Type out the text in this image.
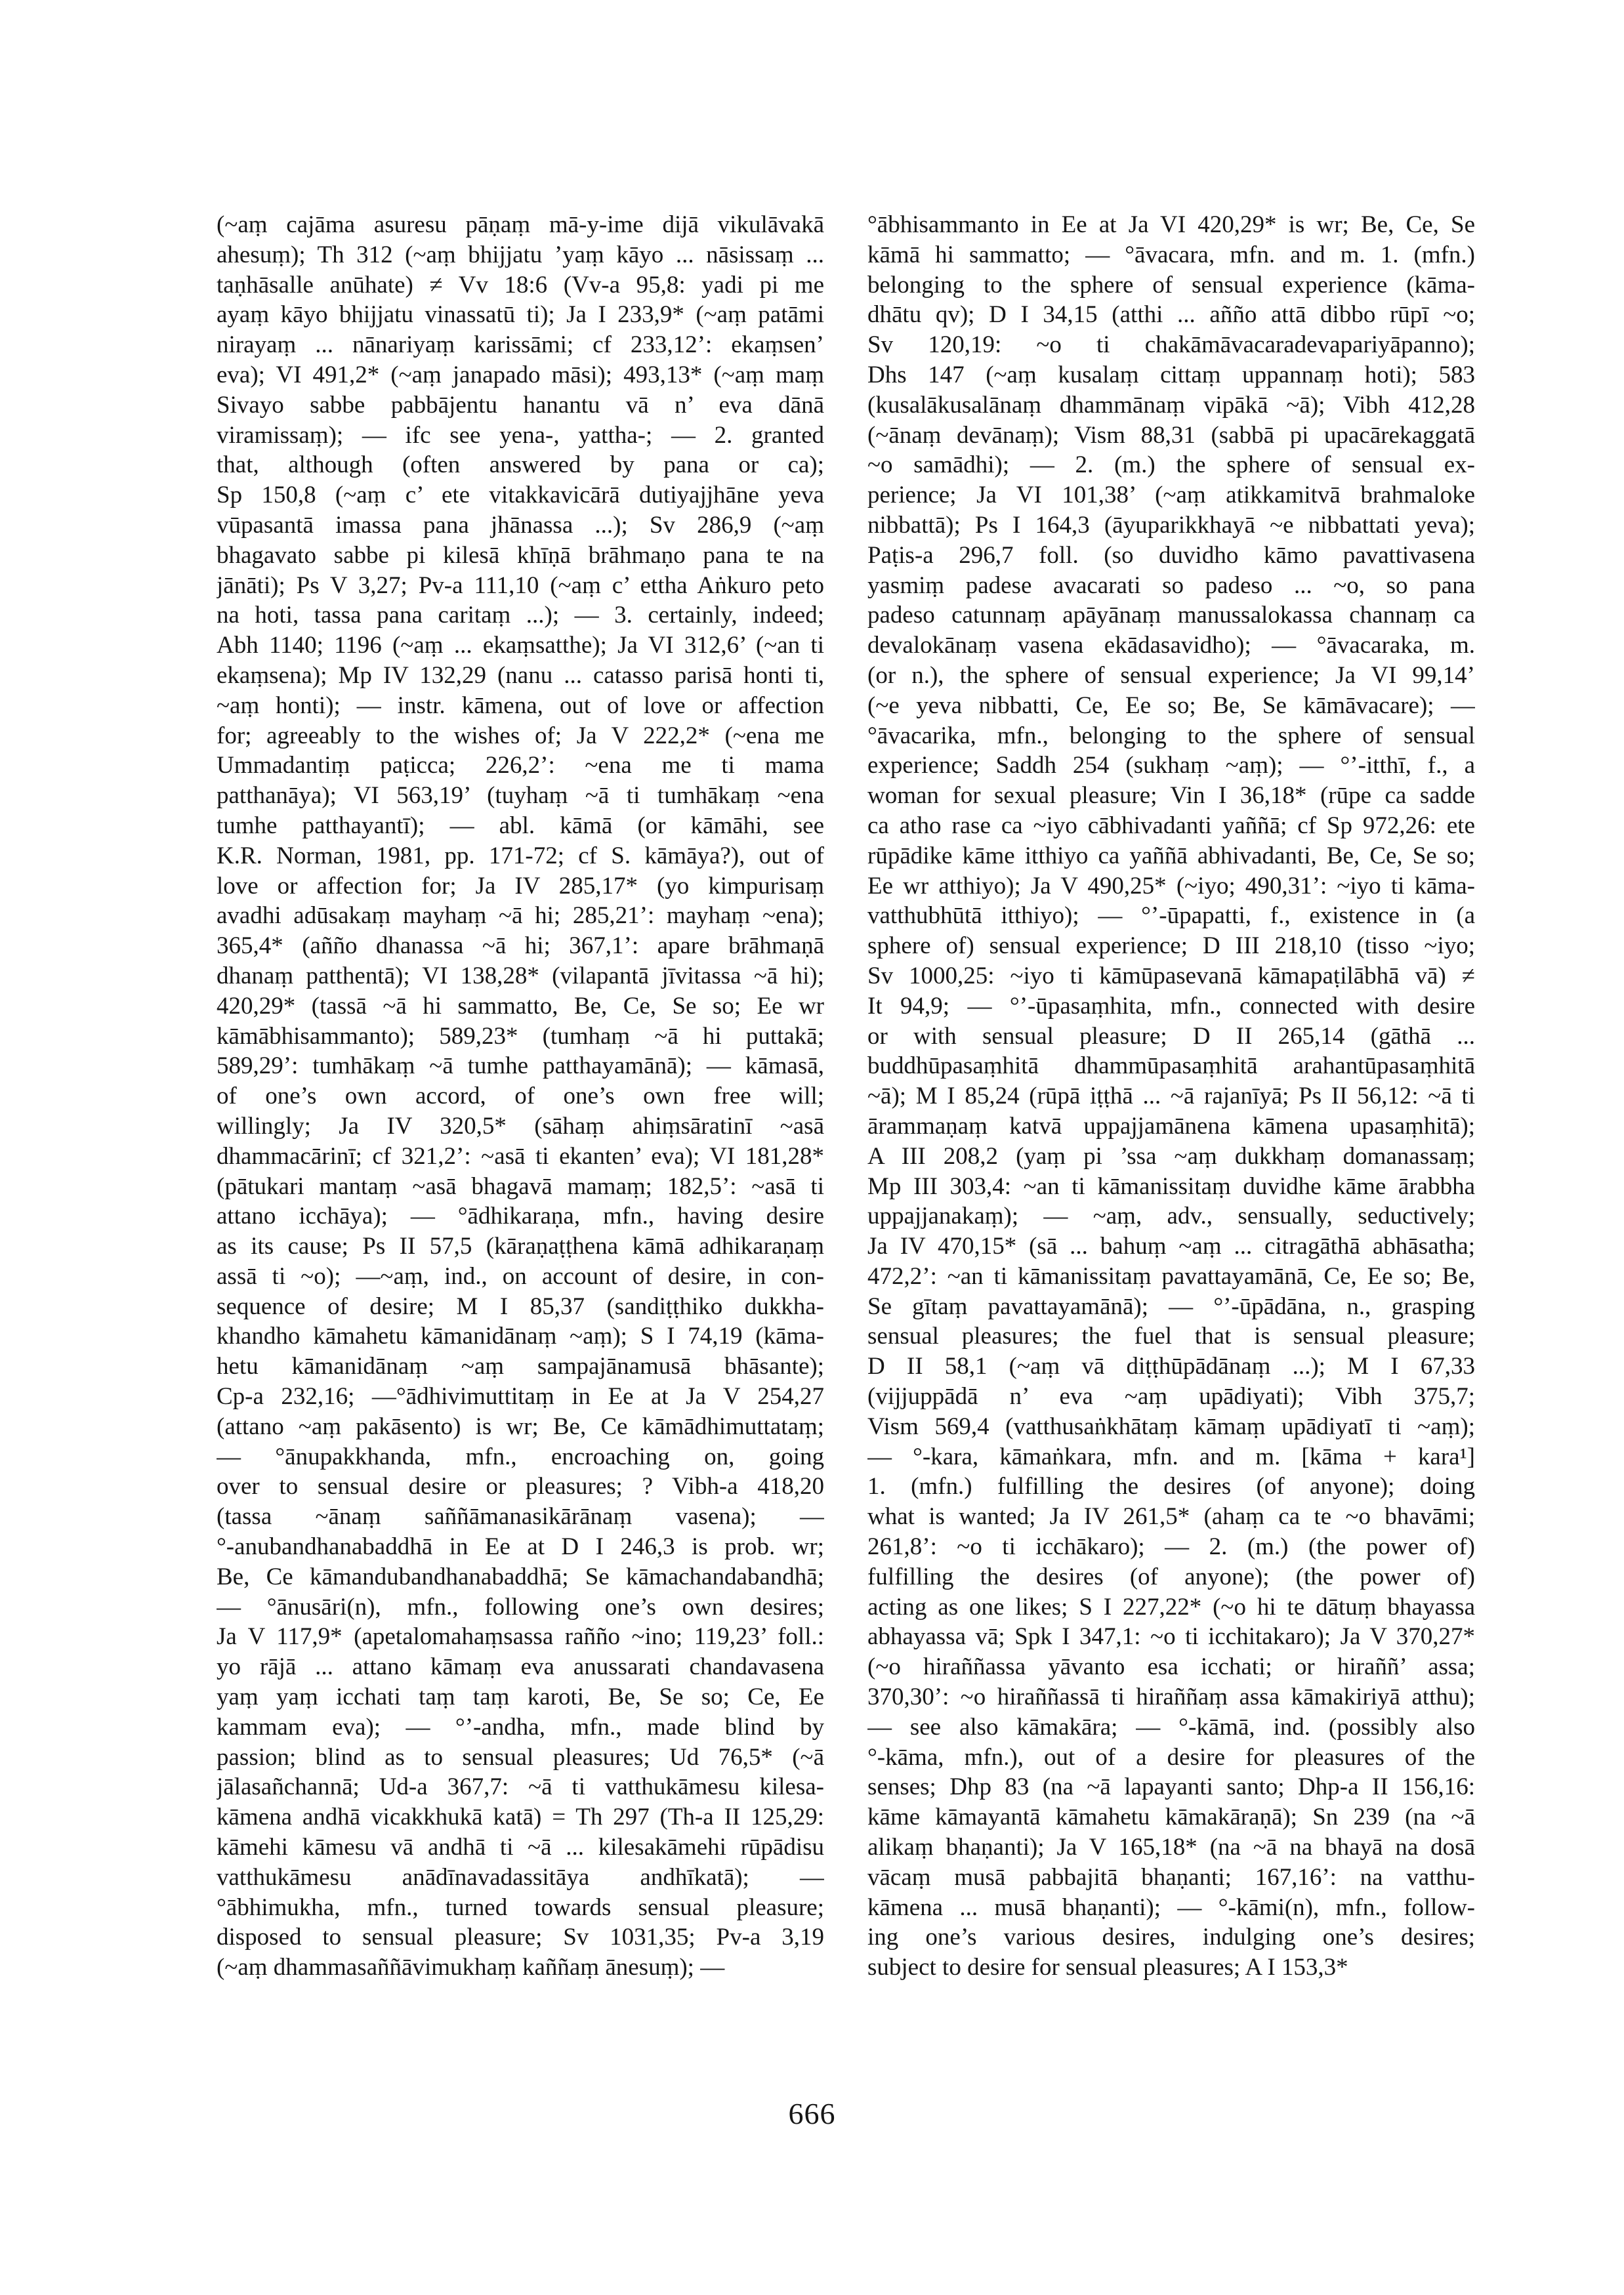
(~aṃ cajāma asuresu pāṇaṃ mā-y-ime dijā vikulāvakā
ahesuṃ); Th 312 (~aṃ bhijjatu ’yaṃ kāyo ... nāsissaṃ ...
taṇhāsalle anūhate) ≠ Vv 18:6 (Vv-a 95,8: yadi pi me
ayaṃ kāyo bhijjatu vinassatū ti); Ja I 233,9* (~aṃ patāmi
nirayaṃ ... nānariyaṃ karissāmi; cf 233,12’: ekaṃsen’
eva); VI 491,2* (~aṃ janapado māsi); 493,13* (~aṃ maṃ
Sivayo sabbe pabbājentu hanantu vā n’ eva dānā
viramissaṃ); — ifc see yena-, yattha-; — 2. granted
that, although (often answered by pana or ca);
Sp 150,8 (~aṃ c’ ete vitakkavicārā dutiyajjhāne yeva
vūpasantā imassa pana jhānassa ...); Sv 286,9 (~aṃ
bhagavato sabbe pi kilesā khīṇā brāhmaṇo pana te na
jānāti); Ps V 3,27; Pv-a 111,10 (~aṃ c’ ettha Aṅkuro peto
na hoti, tassa pana caritaṃ ...); — 3. certainly, indeed;
Abh 1140; 1196 (~aṃ ... ekaṃsatthe); Ja VI 312,6’ (~an ti
ekaṃsena); Mp IV 132,29 (nanu ... catasso parisā honti ti,
~aṃ honti); — instr. kāmena, out of love or affection
for; agreeably to the wishes of; Ja V 222,2* (~ena me
Ummadantiṃ paṭicca; 226,2’: ~ena me ti mama
patthanāya); VI 563,19’ (tuyhaṃ ~ā ti tumhākaṃ ~ena
tumhe patthayantī); — abl. kāmā (or kāmāhi, see
K.R. Norman, 1981, pp. 171-72; cf S. kāmāya?), out of
love or affection for; Ja IV 285,17* (yo kimpurisaṃ
avadhi adūsakaṃ mayhaṃ ~ā hi; 285,21’: mayhaṃ ~ena);
365,4* (añño dhanassa ~ā hi; 367,1’: apare brāhmaṇā
dhanaṃ patthentā); VI 138,28* (vilapantā jīvitassa ~ā hi);
420,29* (tassā ~ā hi sammatto, Be, Ce, Se so; Ee wr
kāmābhisammanto); 589,23* (tumhaṃ ~ā hi puttakā;
589,29’: tumhākaṃ ~ā tumhe patthayamānā); — kāmasā,
of one’s own accord, of one’s own free will;
willingly; Ja IV 320,5* (sāhaṃ ahiṃsāratinī ~asā
dhammacārinī; cf 321,2’: ~asā ti ekanten’ eva); VI 181,28*
(pātukari mantaṃ ~asā bhagavā mamaṃ; 182,5’: ~asā ti
attano icchāya); — °ādhikaraṇa, mfn., having desire
as its cause; Ps II 57,5 (kāraṇaṭṭhena kāmā adhikaraṇaṃ
assā ti ~o); —~aṃ, ind., on account of desire, in con-
sequence of desire; M I 85,37 (sandiṭṭhiko dukkha-
khandho kāmahetu kāmanidānaṃ ~aṃ); S I 74,19 (kāma-
hetu kāmanidānaṃ ~aṃ sampajānamusā bhāsante);
Cp-a 232,16; —°ādhivimuttitaṃ in Ee at Ja V 254,27
(attano ~aṃ pakāsento) is wr; Be, Ce kāmādhimuttataṃ;
— °ānupakkhanda, mfn., encroaching on, going
over to sensual desire or pleasures; ? Vibh-a 418,20
(tassa ~ānaṃ saññāmanasikārānaṃ vasena); —
°-anubandhanabaddhā in Ee at D I 246,3 is prob. wr;
Be, Ce kāmandubandhanabaddhā; Se kāmachandabandhā;
— °ānusāri(n), mfn., following one’s own desires;
Ja V 117,9* (apetalomahaṃsassa rañño ~ino; 119,23’ foll.:
yo rājā ... attano kāmaṃ eva anussarati chandavasena
yaṃ yaṃ icchati taṃ taṃ karoti, Be, Se so; Ce, Ee
kammam eva); — °’-andha, mfn., made blind by
passion; blind as to sensual pleasures; Ud 76,5* (~ā
jālasañchannā; Ud-a 367,7: ~ā ti vatthukāmesu kilesa-
kāmena andhā vicakkhukā katā) = Th 297 (Th-a II 125,29:
kāmehi kāmesu vā andhā ti ~ā ... kilesakāmehi rūpādisu
vatthukāmesu anādīnavadassitāya andhīkatā); —
°ābhimukha, mfn., turned towards sensual pleasure;
disposed to sensual pleasure; Sv 1031,35; Pv-a 3,19
(~aṃ dhammasaññāvimukhaṃ kaññaṃ ānesuṃ); —
°ābhisammanto in Ee at Ja VI 420,29* is wr; Be, Ce, Se
kāmā hi sammatto; — °āvacara, mfn. and m. 1. (mfn.)
belonging to the sphere of sensual experience (kāma-
dhātu qv); D I 34,15 (atthi ... añño attā dibbo rūpī ~o;
Sv 120,19: ~o ti chakāmāvacaradevapariyāpanno);
Dhs 147 (~aṃ kusalaṃ cittaṃ uppannaṃ hoti); 583
(kusalākusalānaṃ dhammānaṃ vipākā ~ā); Vibh 412,28
(~ānaṃ devānaṃ); Vism 88,31 (sabbā pi upacārekaggatā
~o samādhi); — 2. (m.) the sphere of sensual ex-
perience; Ja VI 101,38’ (~aṃ atikkamitvā brahmaloke
nibbattā); Ps I 164,3 (āyuparikkhayā ~e nibbattati yeva);
Paṭis-a 296,7 foll. (so duvidho kāmo pavattivasena
yasmiṃ padese avacarati so padeso ... ~o, so pana
padeso catunnaṃ apāyānaṃ manussalokassa channaṃ ca
devalokānaṃ vasena ekādasavidho); — °āvacaraka, m.
(or n.), the sphere of sensual experience; Ja VI 99,14’
(~e yeva nibbatti, Ce, Ee so; Be, Se kāmāvacare); —
°āvacarika, mfn., belonging to the sphere of sensual
experience; Saddh 254 (sukhaṃ ~aṃ); — °’-itthī, f., a
woman for sexual pleasure; Vin I 36,18* (rūpe ca sadde
ca atho rase ca ~iyo cābhivadanti yaññā; cf Sp 972,26: ete
rūpādike kāme itthiyo ca yaññā abhivadanti, Be, Ce, Se so;
Ee wr atthiyo); Ja V 490,25* (~iyo; 490,31’: ~iyo ti kāma-
vatthubhūtā itthiyo); — °’-ūpapatti, f., existence in (a
sphere of) sensual experience; D III 218,10 (tisso ~iyo;
Sv 1000,25: ~iyo ti kāmūpasevanā kāmapaṭilābhā vā) ≠
It 94,9; — °’-ūpasaṃhita, mfn., connected with desire
or with sensual pleasure; D II 265,14 (gāthā ...
buddhūpasaṃhitā dhammūpasaṃhitā arahantūpasaṃhitā
~ā); M I 85,24 (rūpā iṭṭhā ... ~ā rajanīyā; Ps II 56,12: ~ā ti
ārammaṇaṃ katvā uppajjamānena kāmena upasaṃhitā);
A III 208,2 (yaṃ pi ’ssa ~aṃ dukkhaṃ domanassaṃ;
Mp III 303,4: ~an ti kāmanissitaṃ duvidhe kāme ārabbha
uppajjanakaṃ); — ~aṃ, adv., sensually, seductively;
Ja IV 470,15* (sā ... bahuṃ ~aṃ ... citragāthā abhāsatha;
472,2’: ~an ti kāmanissitaṃ pavattayamānā, Ce, Ee so; Be,
Se gītaṃ pavattayamānā); — °’-ūpādāna, n., grasping
sensual pleasures; the fuel that is sensual pleasure;
D II 58,1 (~aṃ vā diṭṭhūpādānaṃ ...); M I 67,33
(vijjuppādā n’ eva ~aṃ upādiyati); Vibh 375,7;
Vism 569,4 (vatthusaṅkhātaṃ kāmaṃ upādiyatī ti ~aṃ);
— °-kara, kāmaṅkara, mfn. and m. [kāma + kara¹]
1. (mfn.) fulfilling the desires (of anyone); doing
what is wanted; Ja IV 261,5* (ahaṃ ca te ~o bhavāmi;
261,8’: ~o ti icchākaro); — 2. (m.) (the power of)
fulfilling the desires (of anyone); (the power of)
acting as one likes; S I 227,22* (~o hi te dātuṃ bhayassa
abhayassa vā; Spk I 347,1: ~o ti icchitakaro); Ja V 370,27*
(~o hiraññassa yāvanto esa icchati; or hiraññ’ assa;
370,30’: ~o hiraññassā ti hiraññaṃ assa kāmakiriyā atthu);
— see also kāmakāra; — °-kāmā, ind. (possibly also
°-kāma, mfn.), out of a desire for pleasures of the
senses; Dhp 83 (na ~ā lapayanti santo; Dhp-a II 156,16:
kāme kāmayantā kāmahetu kāmakāraṇā); Sn 239 (na ~ā
alikaṃ bhaṇanti); Ja V 165,18* (na ~ā na bhayā na dosā
vācaṃ musā pabbajitā bhaṇanti; 167,16’: na vatthu-
kāmena ... musā bhaṇanti); — °-kāmi(n), mfn., follow-
ing one’s various desires, indulging one’s desires;
subject to desire for sensual pleasures; A I 153,3*
666
